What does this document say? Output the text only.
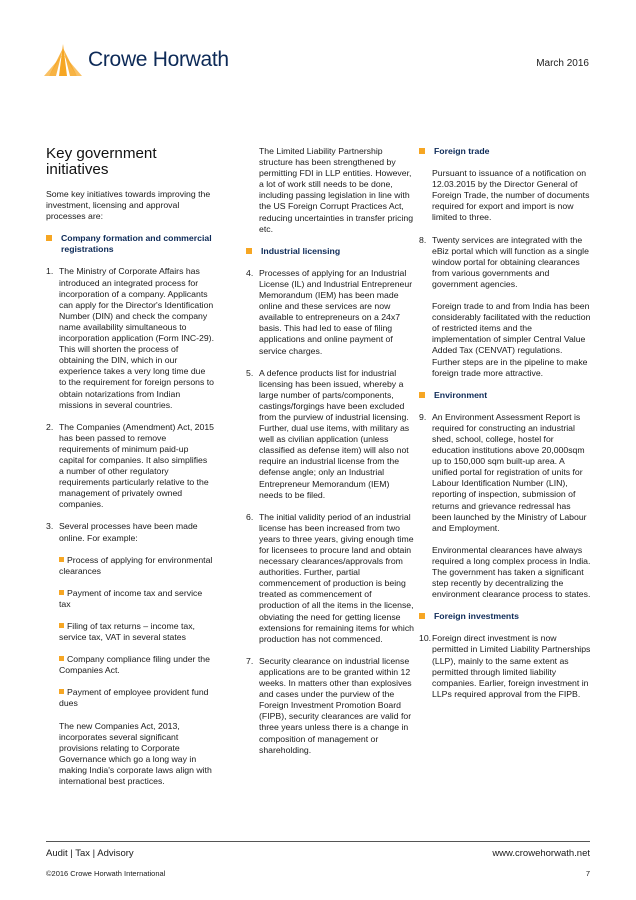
Crowe Horwath	March 2016
Key government initiatives

Some key initiatives towards improving the investment, licensing and approval processes are:

Company formation and commercial registrations
1. The Ministry of Corporate Affairs has introduced an integrated process for incorporation of a company. Applicants can apply for the Director's Identification Number (DIN) and check the company name availability simultaneous to incorporation application (Form INC-29). This will shorten the process of obtaining the DIN, which in our experience takes a very long time due to the requirement for foreign persons to obtain notarizations from Indian missions in several countries.
2. The Companies (Amendment) Act, 2015 has been passed to remove requirements of minimum paid-up capital for companies. It also simplifies a number of other regulatory requirements particularly relative to the management of privately owned companies.
3. Several processes have been made online. For example:
Process of applying for environmental clearances
Payment of income tax and service tax
Filing of tax returns – income tax, service tax, VAT in several states
Company compliance filing under the Companies Act.
Payment of employee provident fund dues

The new Companies Act, 2013, incorporates several significant provisions relating to Corporate Governance which go a long way in making India's corporate laws align with international best practices.

The Limited Liability Partnership structure has been strengthened by permitting FDI in LLP entities. However, a lot of work still needs to be done, including passing legislation in line with the US Foreign Corrupt Practices Act, reducing uncertainties in transfer pricing etc.

Industrial licensing
4. Processes of applying for an Industrial License (IL) and Industrial Entrepreneur Memorandum (IEM) has been made online and these services are now available to entrepreneurs on a 24x7 basis. This had led to ease of filing applications and online payment of service charges.
5. A defence products list for industrial licensing has been issued, whereby a large number of parts/components, castings/forgings have been excluded from the purview of industrial licensing. Further, dual use items, with military as well as civilian application (unless classified as defense item) will also not require an industrial license from the defense angle; only an Industrial Entrepreneur Memorandum (IEM) needs to be filed.
6. The initial validity period of an industrial license has been increased from two years to three years, giving enough time for licensees to procure land and obtain necessary clearances/approvals from authorities. Further, partial commencement of production is being treated as commencement of production of all the items in the license, obviating the need for getting license extensions for remaining items for which production has not commenced.
7. Security clearance on industrial license applications are to be granted within 12 weeks. In matters other than explosives and cases under the purview of the Foreign Investment Promotion Board (FIPB), security clearances are valid for three years unless there is a change in composition of management or shareholding.
Foreign trade

Pursuant to issuance of a notification on 12.03.2015 by the Director General of Foreign Trade, the number of documents required for export and import is now limited to three.

8. Twenty services are integrated with the eBiz portal which will function as a single window portal for obtaining clearances from various governments and government agencies.

Foreign trade to and from India has been considerably facilitated with the reduction of restricted items and the implementation of simpler Central Value Added Tax (CENVAT) regulations. Further steps are in the pipeline to make foreign trade more attractive.

Environment
9. An Environment Assessment Report is required for constructing an industrial shed, school, college, hostel for education institutions above 20,000sqm up to 150,000 sqm built-up area. A unified portal for registration of units for Labour Identification Number (LIN), reporting of inspection, submission of returns and grievance redressal has been launched by the Ministry of Labour and Employment.

Environmental clearances have always required a long complex process in India. The government has taken a significant step recently by decentralizing the environment clearance process to states.

Foreign investments
10. Foreign direct investment is now permitted in Limited Liability Partnerships (LLP), mainly to the same extent as permitted through limited liability companies. Earlier, foreign investment in LLPs required approval from the FIPB.
Audit | Tax | Advisory	www.crowehorwath.net
©2016 Crowe Horwath International	7
